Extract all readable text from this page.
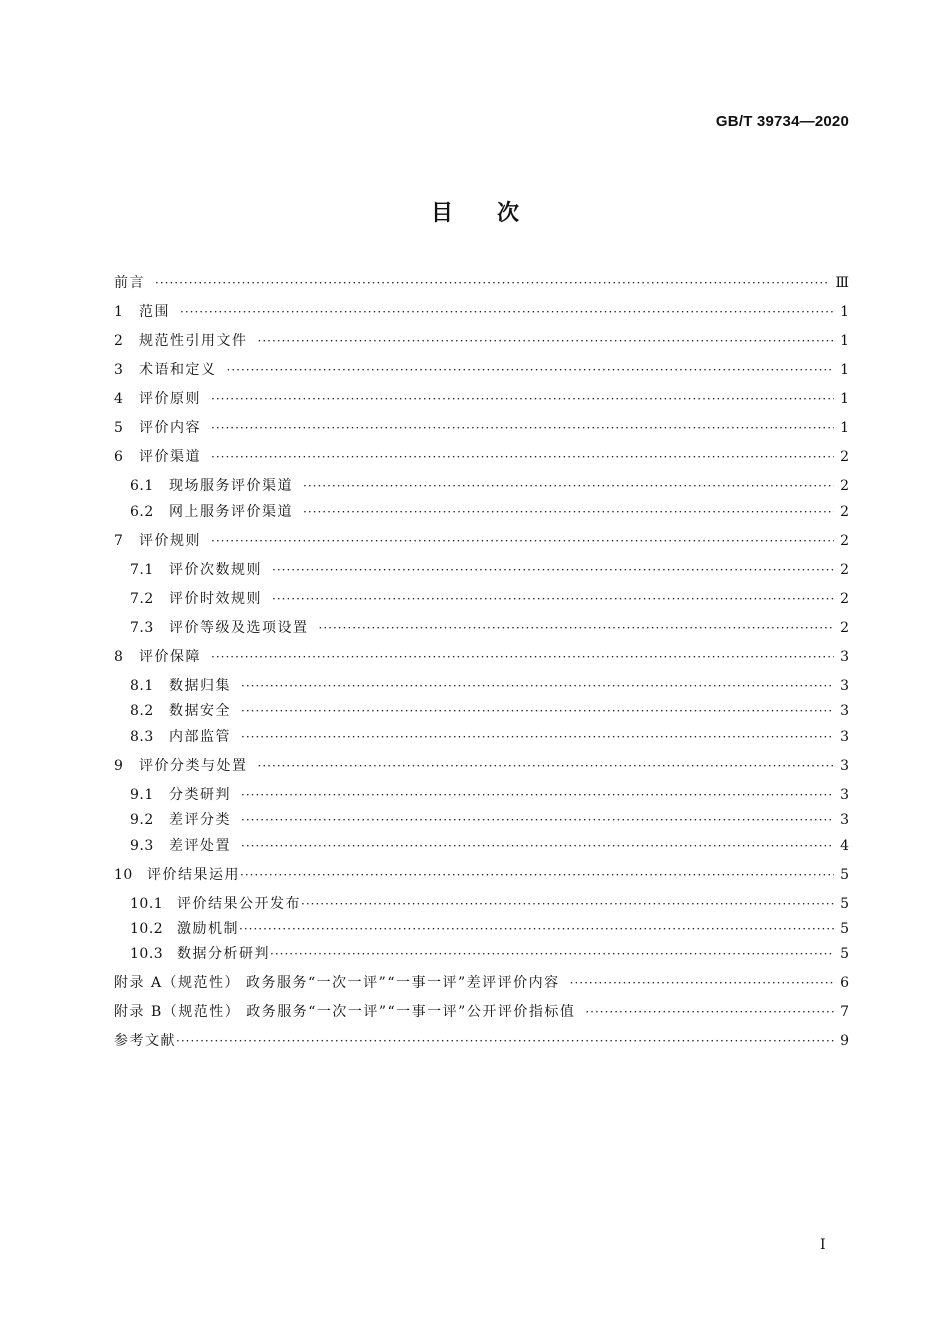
GB/T 39734—2020
目次
前言 ·····	Ⅲ
1	范围 ·····	1
2	规范性引用文件 ·····	1
3	术语和定义 ·····	1
4	评价原则 ·····	1
5	评价内容 ·····	1
6	评价渠道 ·····	2
6.1	现场服务评价渠道 ·····	2
6.2	网上服务评价渠道 ·····	2
7	评价规则 ·····	2
7.1	评价次数规则 ·····	2
7.2	评价时效规则 ·····	2
7.3	评价等级及选项设置 ·····	2
8	评价保障 ·····	3
8.1	数据归集 ·····	3
8.2	数据安全 ·····	3
8.3	内部监管 ·····	3
9	评价分类与处置 ·····	3
9.1	分类研判 ·····	3
9.2	差评分类 ·····	3
9.3	差评处置 ·····	4
10	评价结果运用 ·····	5
10.1 评价结果公开发布 ·····	5
10.2 激励机制 ·····	5
10.3 数据分析研判 ·····	5
附录 A（规范性） 政务服务“一次一评”“一事一评”差评评价内容 ·····	6
附录 B（规范性） 政务服务“一次一评”“一事一评”公开评价指标值 ·····	7
参考文献 ·····	9
Ⅰ
